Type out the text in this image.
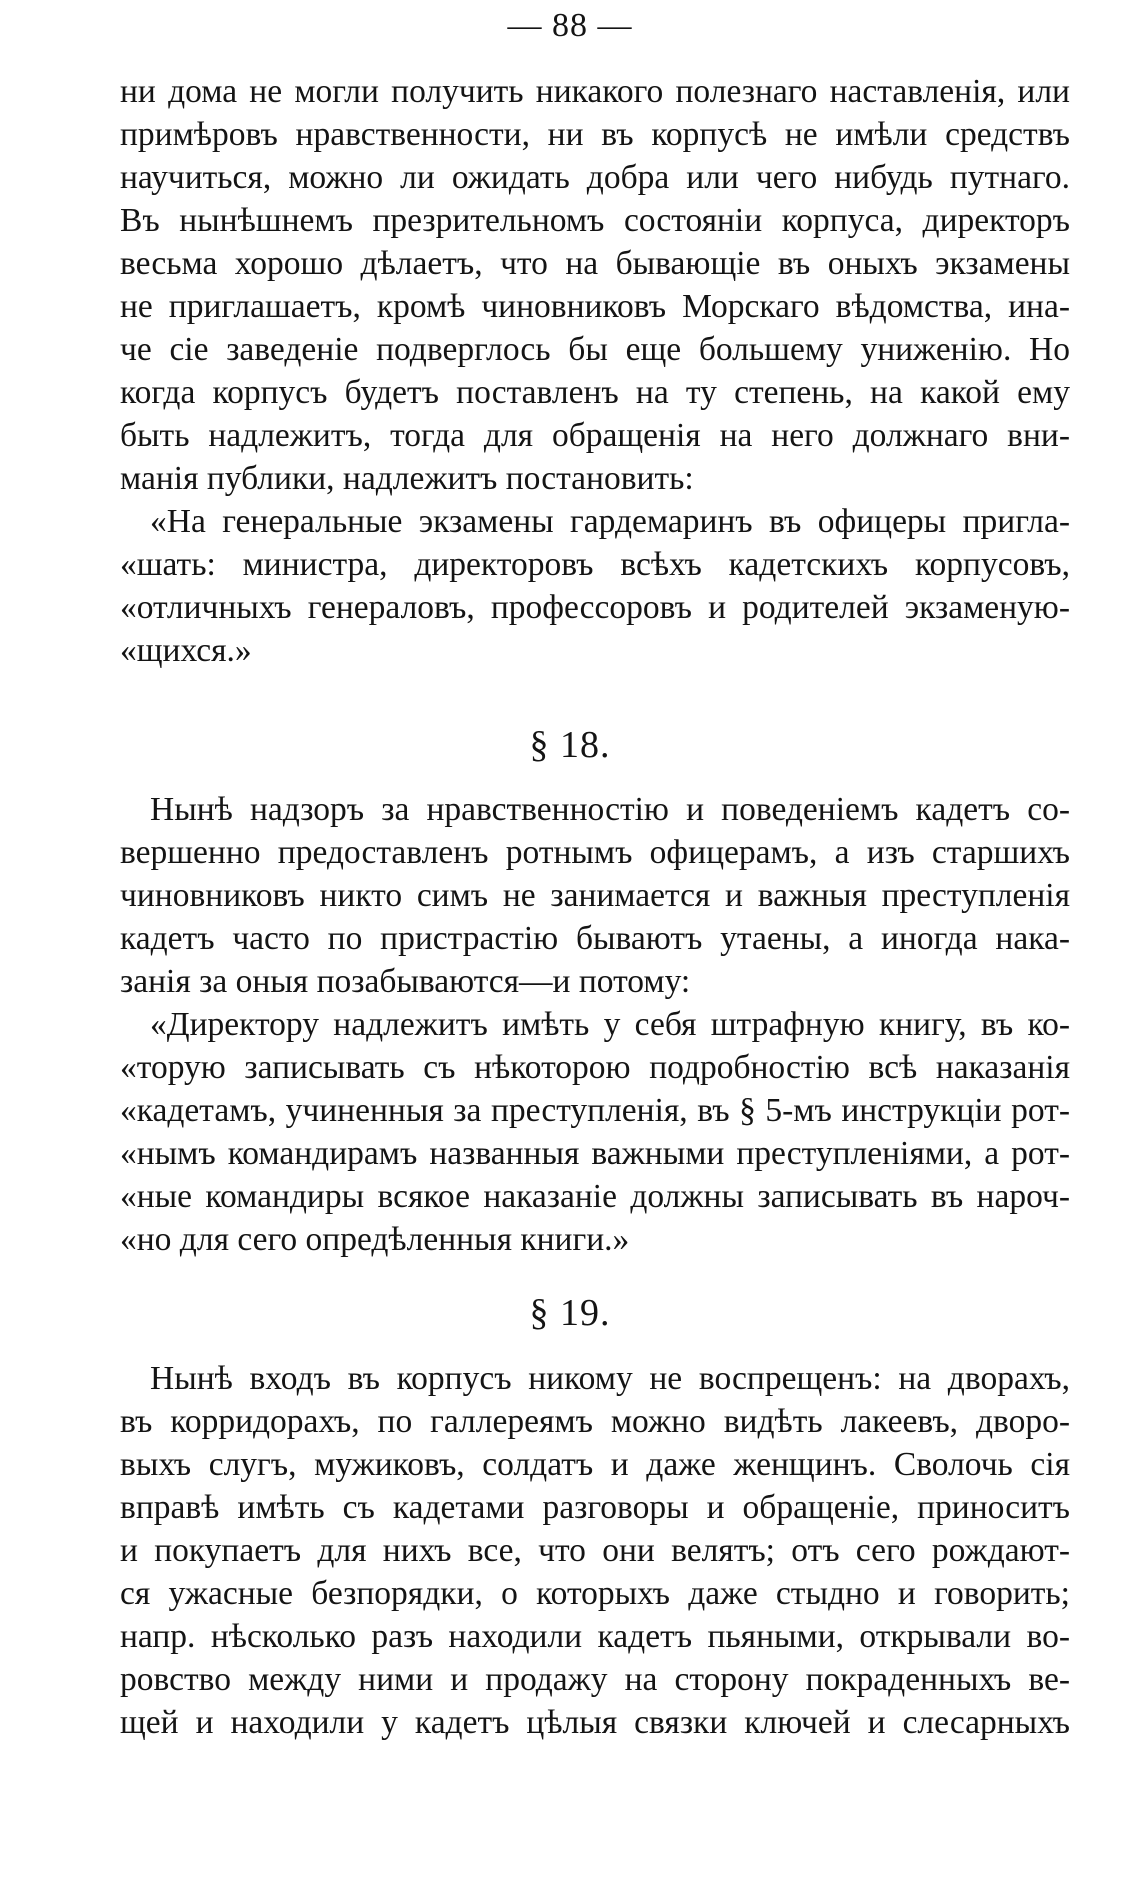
— 88 —
ни дома не могли получить никакого полезнаго наставленія, или
примѣровъ нравственности, ни въ корпусѣ не имѣли средствъ
научиться, можно ли ожидать добра или чего нибудь путнаго.
Въ нынѣшнемъ презрительномъ состояніи корпуса, директоръ
весьма хорошо дѣлаетъ, что на бывающіе въ оныхъ экзамены
не приглашаетъ, кромѣ чиновниковъ Морскаго вѣдомства, ина-
че сіе заведеніе подверглось бы еще большему униженію. Но
когда корпусъ будетъ поставленъ на ту степень, на какой ему
быть надлежитъ, тогда для обращенія на него должнаго вни-
манія публики, надлежитъ постановить:
«На генеральные экзамены гардемаринъ въ офицеры пригла-
«шать: министра, директоровъ всѣхъ кадетскихъ корпусовъ,
«отличныхъ генераловъ, профессоровъ и родителей экзаменую-
«щихся.»
§ 18.
Нынѣ надзоръ за нравственностію и поведеніемъ кадетъ со-
вершенно предоставленъ ротнымъ офицерамъ, а изъ старшихъ
чиновниковъ никто симъ не занимается и важныя преступленія
кадетъ часто по пристрастію бываютъ утаены, а иногда нака-
занія за оныя позабываются—и потому:
«Директору надлежитъ имѣть у себя штрафную книгу, въ ко-
«торую записывать съ нѣкоторою подробностію всѣ наказанія
«кадетамъ, учиненныя за преступленія, въ § 5-мъ инструкціи рот-
«нымъ командирамъ названныя важными преступленіями, а рот-
«ные командиры всякое наказаніе должны записывать въ нароч-
«но для сего опредѣленныя книги.»
§ 19.
Нынѣ входъ въ корпусъ никому не воспрещенъ: на дворахъ,
въ корридорахъ, по галлереямъ можно видѣть лакеевъ, дворо-
выхъ слугъ, мужиковъ, солдатъ и даже женщинъ. Сволочь сія
вправѣ имѣть съ кадетами разговоры и обращеніе, приноситъ
и покупаетъ для нихъ все, что они велятъ; отъ сего рождают-
ся ужасные безпорядки, о которыхъ даже стыдно и говорить;
напр. нѣсколько разъ находили кадетъ пьяными, открывали во-
ровство между ними и продажу на сторону покраденныхъ ве-
щей и находили у кадетъ цѣлыя связки ключей и слесарныхъ
